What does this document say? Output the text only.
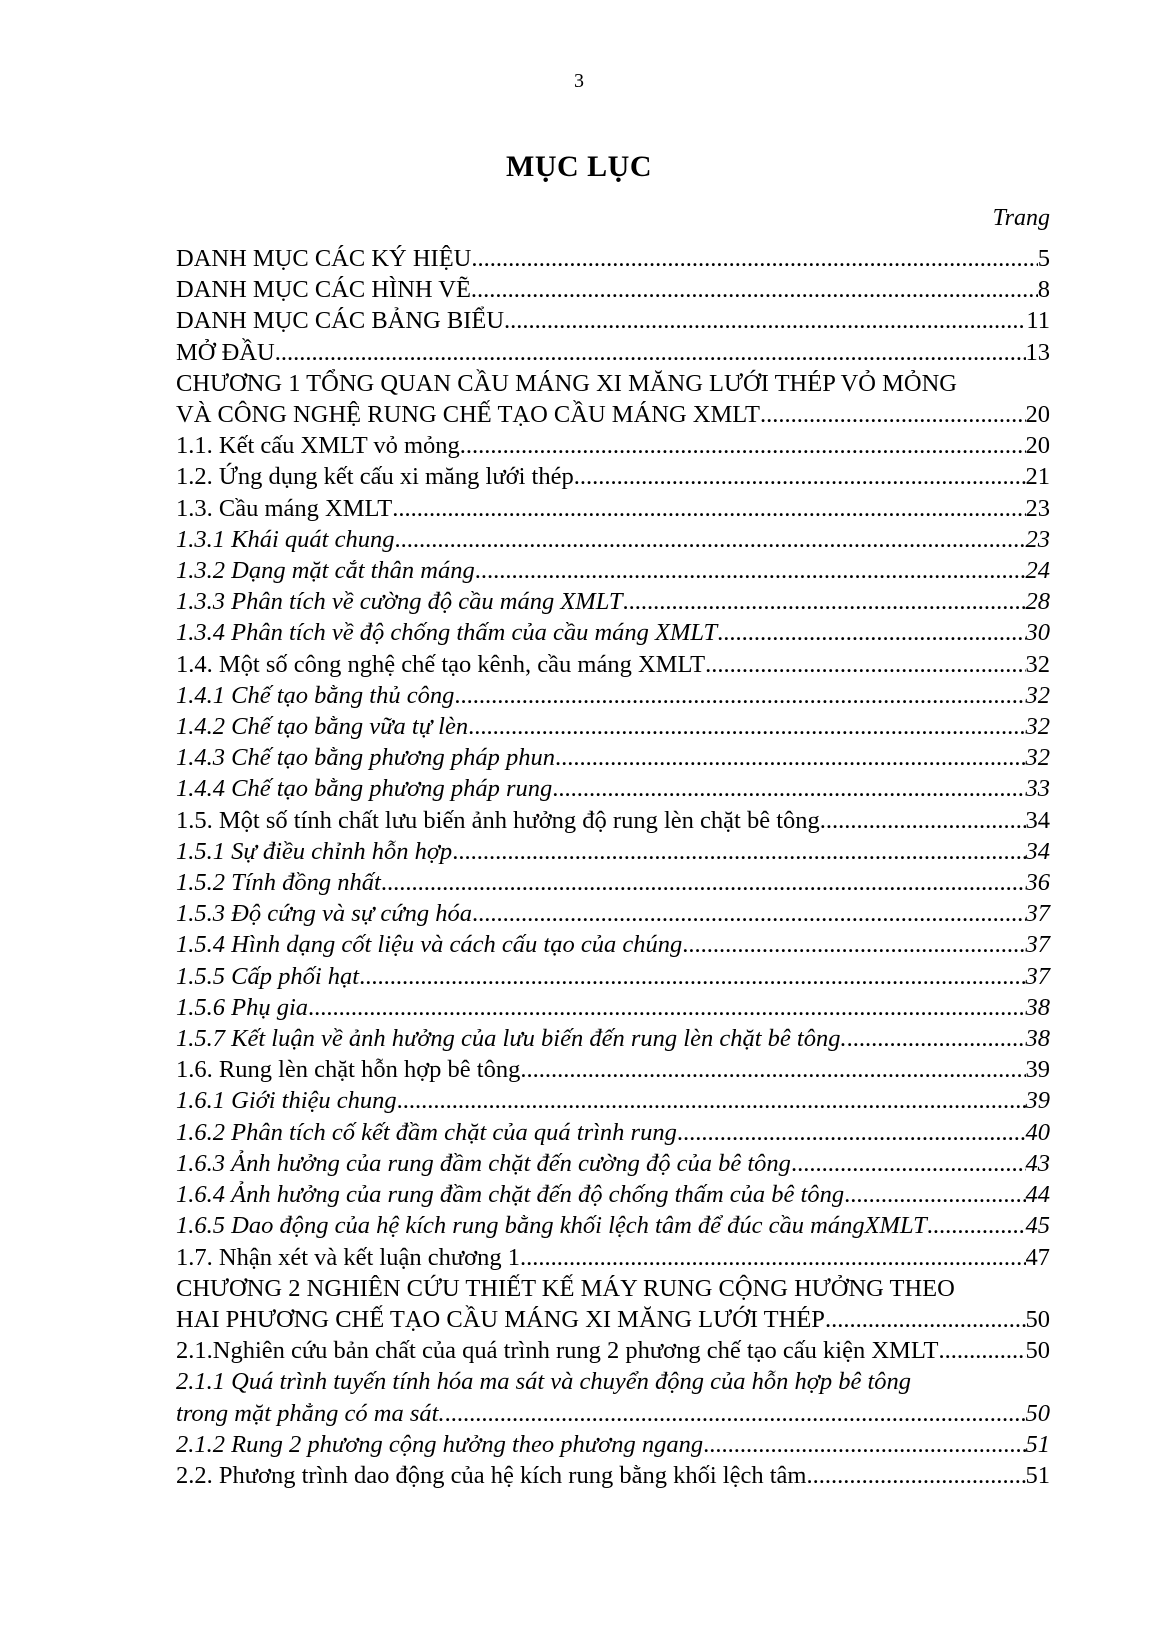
3
MỤC LỤC
Trang
DANH MỤC CÁC KÝ HIỆU .....	5
DANH MỤC CÁC HÌNH VẼ .....	8
DANH MỤC CÁC BẢNG BIỂU .....	11
MỞ ĐẦU .....	13
CHƯƠNG 1 TỔNG QUAN CẦU MÁNG XI MĂNG LƯỚI THÉP VỎ MỎNG
VÀ CÔNG NGHỆ RUNG CHẾ TẠO CẦU MÁNG XMLT .....	20
1.1. Kết cấu XMLT vỏ mỏng .....	20
1.2. Ứng dụng kết cấu xi măng lưới thép .....	21
1.3. Cầu máng XMLT .....	23
1.3.1 Khái quát chung .....	23
1.3.2 Dạng mặt cắt thân máng .....	24
1.3.3 Phân tích về cường độ cầu máng XMLT .....	28
1.3.4 Phân tích về độ chống thấm của cầu máng XMLT .....	30
1.4. Một số công nghệ chế tạo kênh, cầu máng XMLT .....	32
1.4.1 Chế tạo bằng thủ công .....	32
1.4.2 Chế tạo bằng vữa tự lèn .....	32
1.4.3 Chế tạo bằng phương pháp phun .....	32
1.4.4 Chế tạo bằng phương pháp rung .....	33
1.5. Một số tính chất lưu biến ảnh hưởng độ rung lèn chặt bê tông .....	34
1.5.1 Sự điều chỉnh hỗn hợp .....	34
1.5.2 Tính đồng nhất .....	36
1.5.3 Độ cứng và sự cứng hóa .....	37
1.5.4 Hình dạng cốt liệu và cách cấu tạo của chúng .....	37
1.5.5 Cấp phối hạt .....	37
1.5.6 Phụ gia .....	38
1.5.7 Kết luận về ảnh hưởng của lưu biến đến rung lèn chặt bê tông. .....	38
1.6. Rung lèn chặt hỗn hợp bê tông .....	39
1.6.1 Giới thiệu chung .....	39
1.6.2 Phân tích cố kết đầm chặt của quá trình rung .....	40
1.6.3 Ảnh hưởng của rung đầm chặt đến cường độ của bê tông .....	43
1.6.4 Ảnh hưởng của rung đầm chặt đến độ chống thấm của bê tông .....	44
1.6.5 Dao động của hệ kích rung bằng khối lệch tâm để đúc cầu mángXMLT .....	45
1.7. Nhận xét và kết luận chương 1 .....	47
CHƯƠNG 2 NGHIÊN CỨU THIẾT KẾ MÁY RUNG CỘNG HƯỞNG THEO
HAI PHƯƠNG CHẾ TẠO CẦU MÁNG XI MĂNG LƯỚI THÉP .....	50
2.1.Nghiên cứu bản chất của quá trình rung 2 phương chế tạo cấu kiện XMLT .....	50
2.1.1 Quá trình tuyến tính hóa ma sát và chuyển động của hỗn hợp bê tông
trong mặt phẳng có ma sát. .....	50
2.1.2 Rung 2 phương cộng hưởng theo phương ngang .....	51
2.2. Phương trình dao động của hệ kích rung bằng khối lệch tâm .....	51
